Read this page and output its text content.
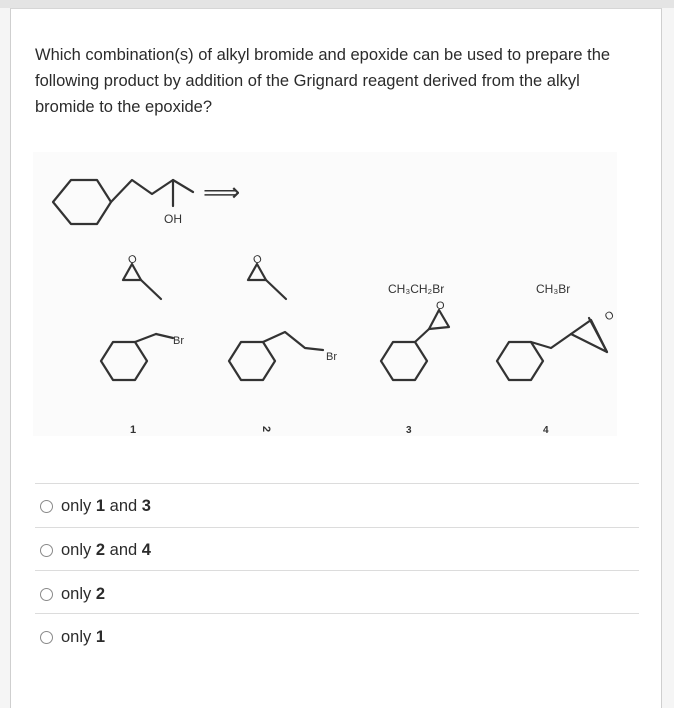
Which combination(s) of alkyl bromide and epoxide can be used to prepare the following product by addition of the Grignard reagent derived from the alkyl bromide to the epoxide?

⟹
OH
O	O
O
O
Br
Br
CH₃CH₂Br	CH₃Br
1	2	3	4
only 1 and 3
only 2 and 4
only 2
only 1
